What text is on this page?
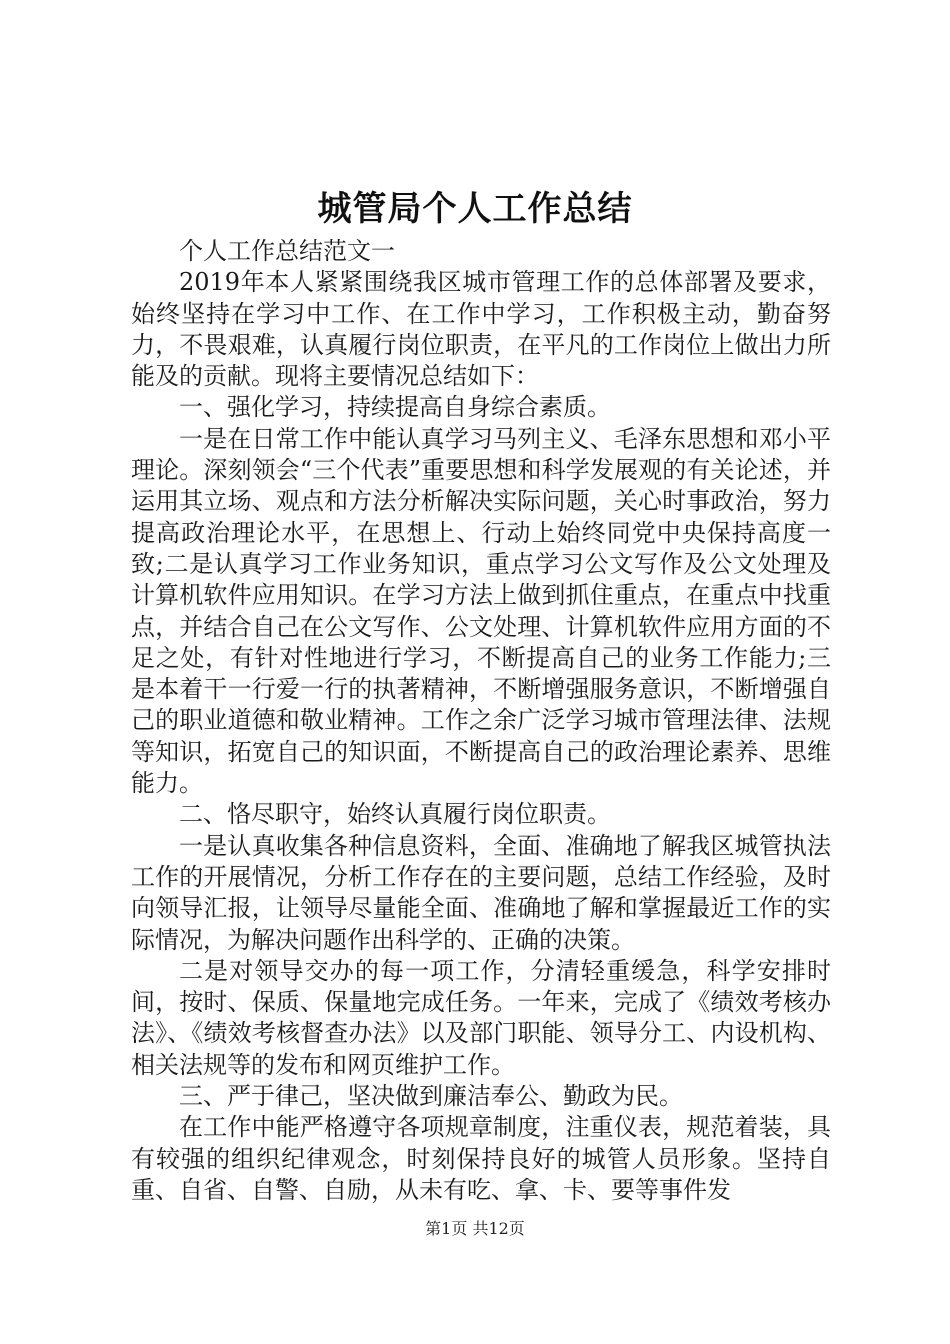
城管局个人工作总结

个人工作总结范文一

2019年本人紧紧围绕我区城市管理工作的总体部署及要求，始终坚持在学习中工作、在工作中学习，工作积极主动，勤奋努力，不畏艰难，认真履行岗位职责，在平凡的工作岗位上做出力所能及的贡献。现将主要情况总结如下：

一、强化学习，持续提高自身综合素质。

一是在日常工作中能认真学习马列主义、毛泽东思想和邓小平理论。深刻领会“三个代表”重要思想和科学发展观的有关论述，并运用其立场、观点和方法分析解决实际问题，关心时事政治，努力提高政治理论水平，在思想上、行动上始终同党中央保持高度一致;二是认真学习工作业务知识，重点学习公文写作及公文处理及计算机软件应用知识。在学习方法上做到抓住重点，在重点中找重点，并结合自己在公文写作、公文处理、计算机软件应用方面的不足之处，有针对性地进行学习，不断提高自己的业务工作能力;三是本着干一行爱一行的执著精神，不断增强服务意识，不断增强自己的职业道德和敬业精神。工作之余广泛学习城市管理法律、法规等知识，拓宽自己的知识面，不断提高自己的政治理论素养、思维能力。

二、恪尽职守，始终认真履行岗位职责。

一是认真收集各种信息资料，全面、准确地了解我区城管执法工作的开展情况，分析工作存在的主要问题，总结工作经验，及时向领导汇报，让领导尽量能全面、准确地了解和掌握最近工作的实际情况，为解决问题作出科学的、正确的决策。

二是对领导交办的每一项工作，分清轻重缓急，科学安排时间，按时、保质、保量地完成任务。一年来，完成了《绩效考核办法》、《绩效考核督查办法》以及部门职能、领导分工、内设机构、相关法规等的发布和网页维护工作。

三、严于律己，坚决做到廉洁奉公、勤政为民。

在工作中能严格遵守各项规章制度，注重仪表，规范着装，具有较强的组织纪律观念，时刻保持良好的城管人员形象。坚持自重、自省、自警、自励，从未有吃、拿、卡、要等事件发

第1页 共12页
